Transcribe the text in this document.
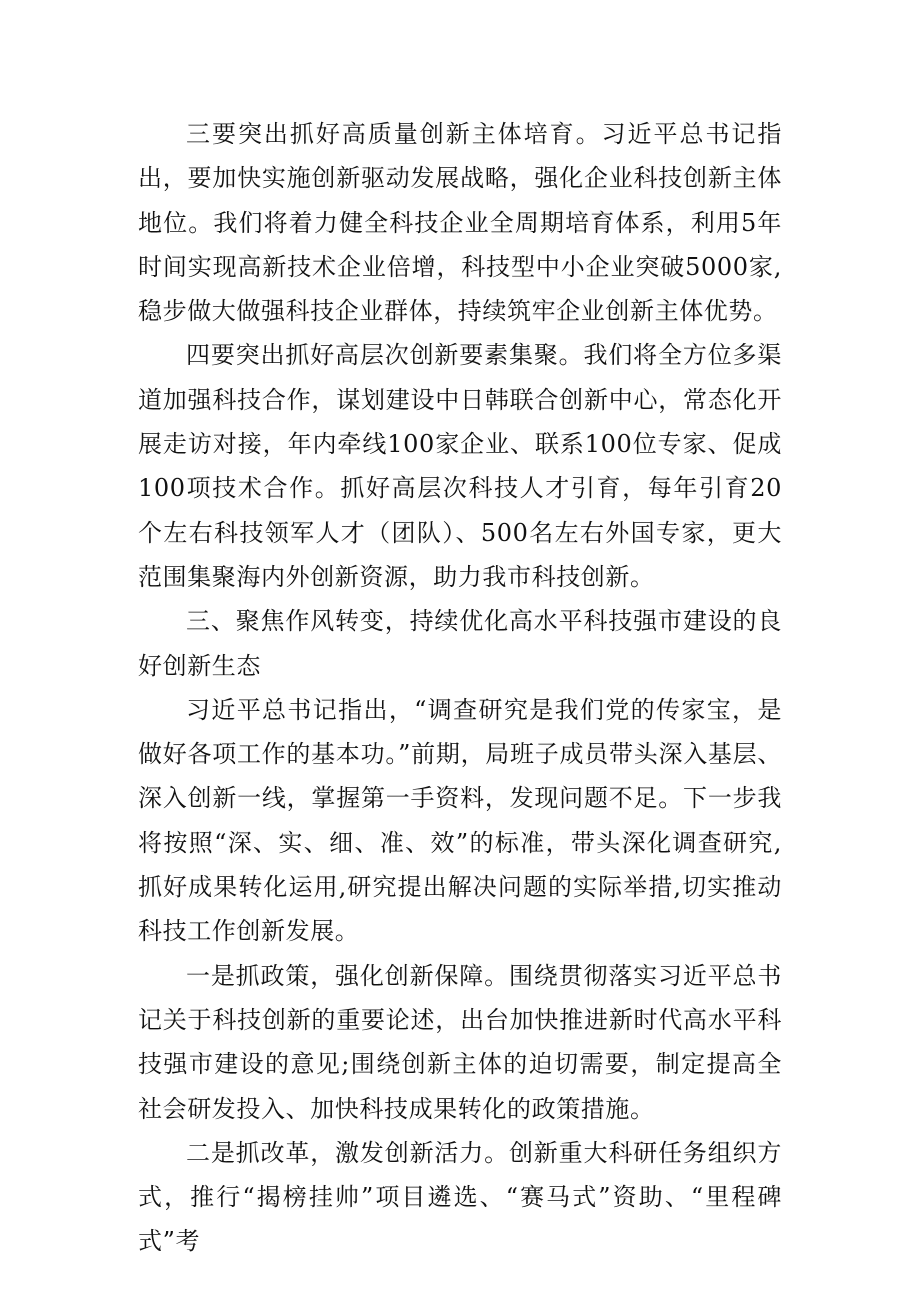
三要突出抓好高质量创新主体培育。习近平总书记指出，要加快实施创新驱动发展战略，强化企业科技创新主体地位。我们将着力健全科技企业全周期培育体系，利用5年时间实现高新技术企业倍增，科技型中小企业突破5000家,稳步做大做强科技企业群体，持续筑牢企业创新主体优势。

四要突出抓好高层次创新要素集聚。我们将全方位多渠道加强科技合作，谋划建设中日韩联合创新中心，常态化开展走访对接，年内牵线100家企业、联系100位专家、促成100项技术合作。抓好高层次科技人才引育，每年引育20个左右科技领军人才（团队）、500名左右外国专家，更大范围集聚海内外创新资源，助力我市科技创新。

三、聚焦作风转变，持续优化高水平科技强市建设的良好创新生态

习近平总书记指出，“调查研究是我们党的传家宝，是做好各项工作的基本功。”前期，局班子成员带头深入基层、深入创新一线，掌握第一手资料，发现问题不足。下一步我将按照“深、实、细、准、效”的标准，带头深化调查研究,抓好成果转化运用,研究提出解决问题的实际举措,切实推动科技工作创新发展。

一是抓政策，强化创新保障。围绕贯彻落实习近平总书记关于科技创新的重要论述，出台加快推进新时代高水平科技强市建设的意见;围绕创新主体的迫切需要，制定提高全社会研发投入、加快科技成果转化的政策措施。

二是抓改革，激发创新活力。创新重大科研任务组织方式，推行“揭榜挂帅”项目遴选、“赛马式”资助、“里程碑式”考
